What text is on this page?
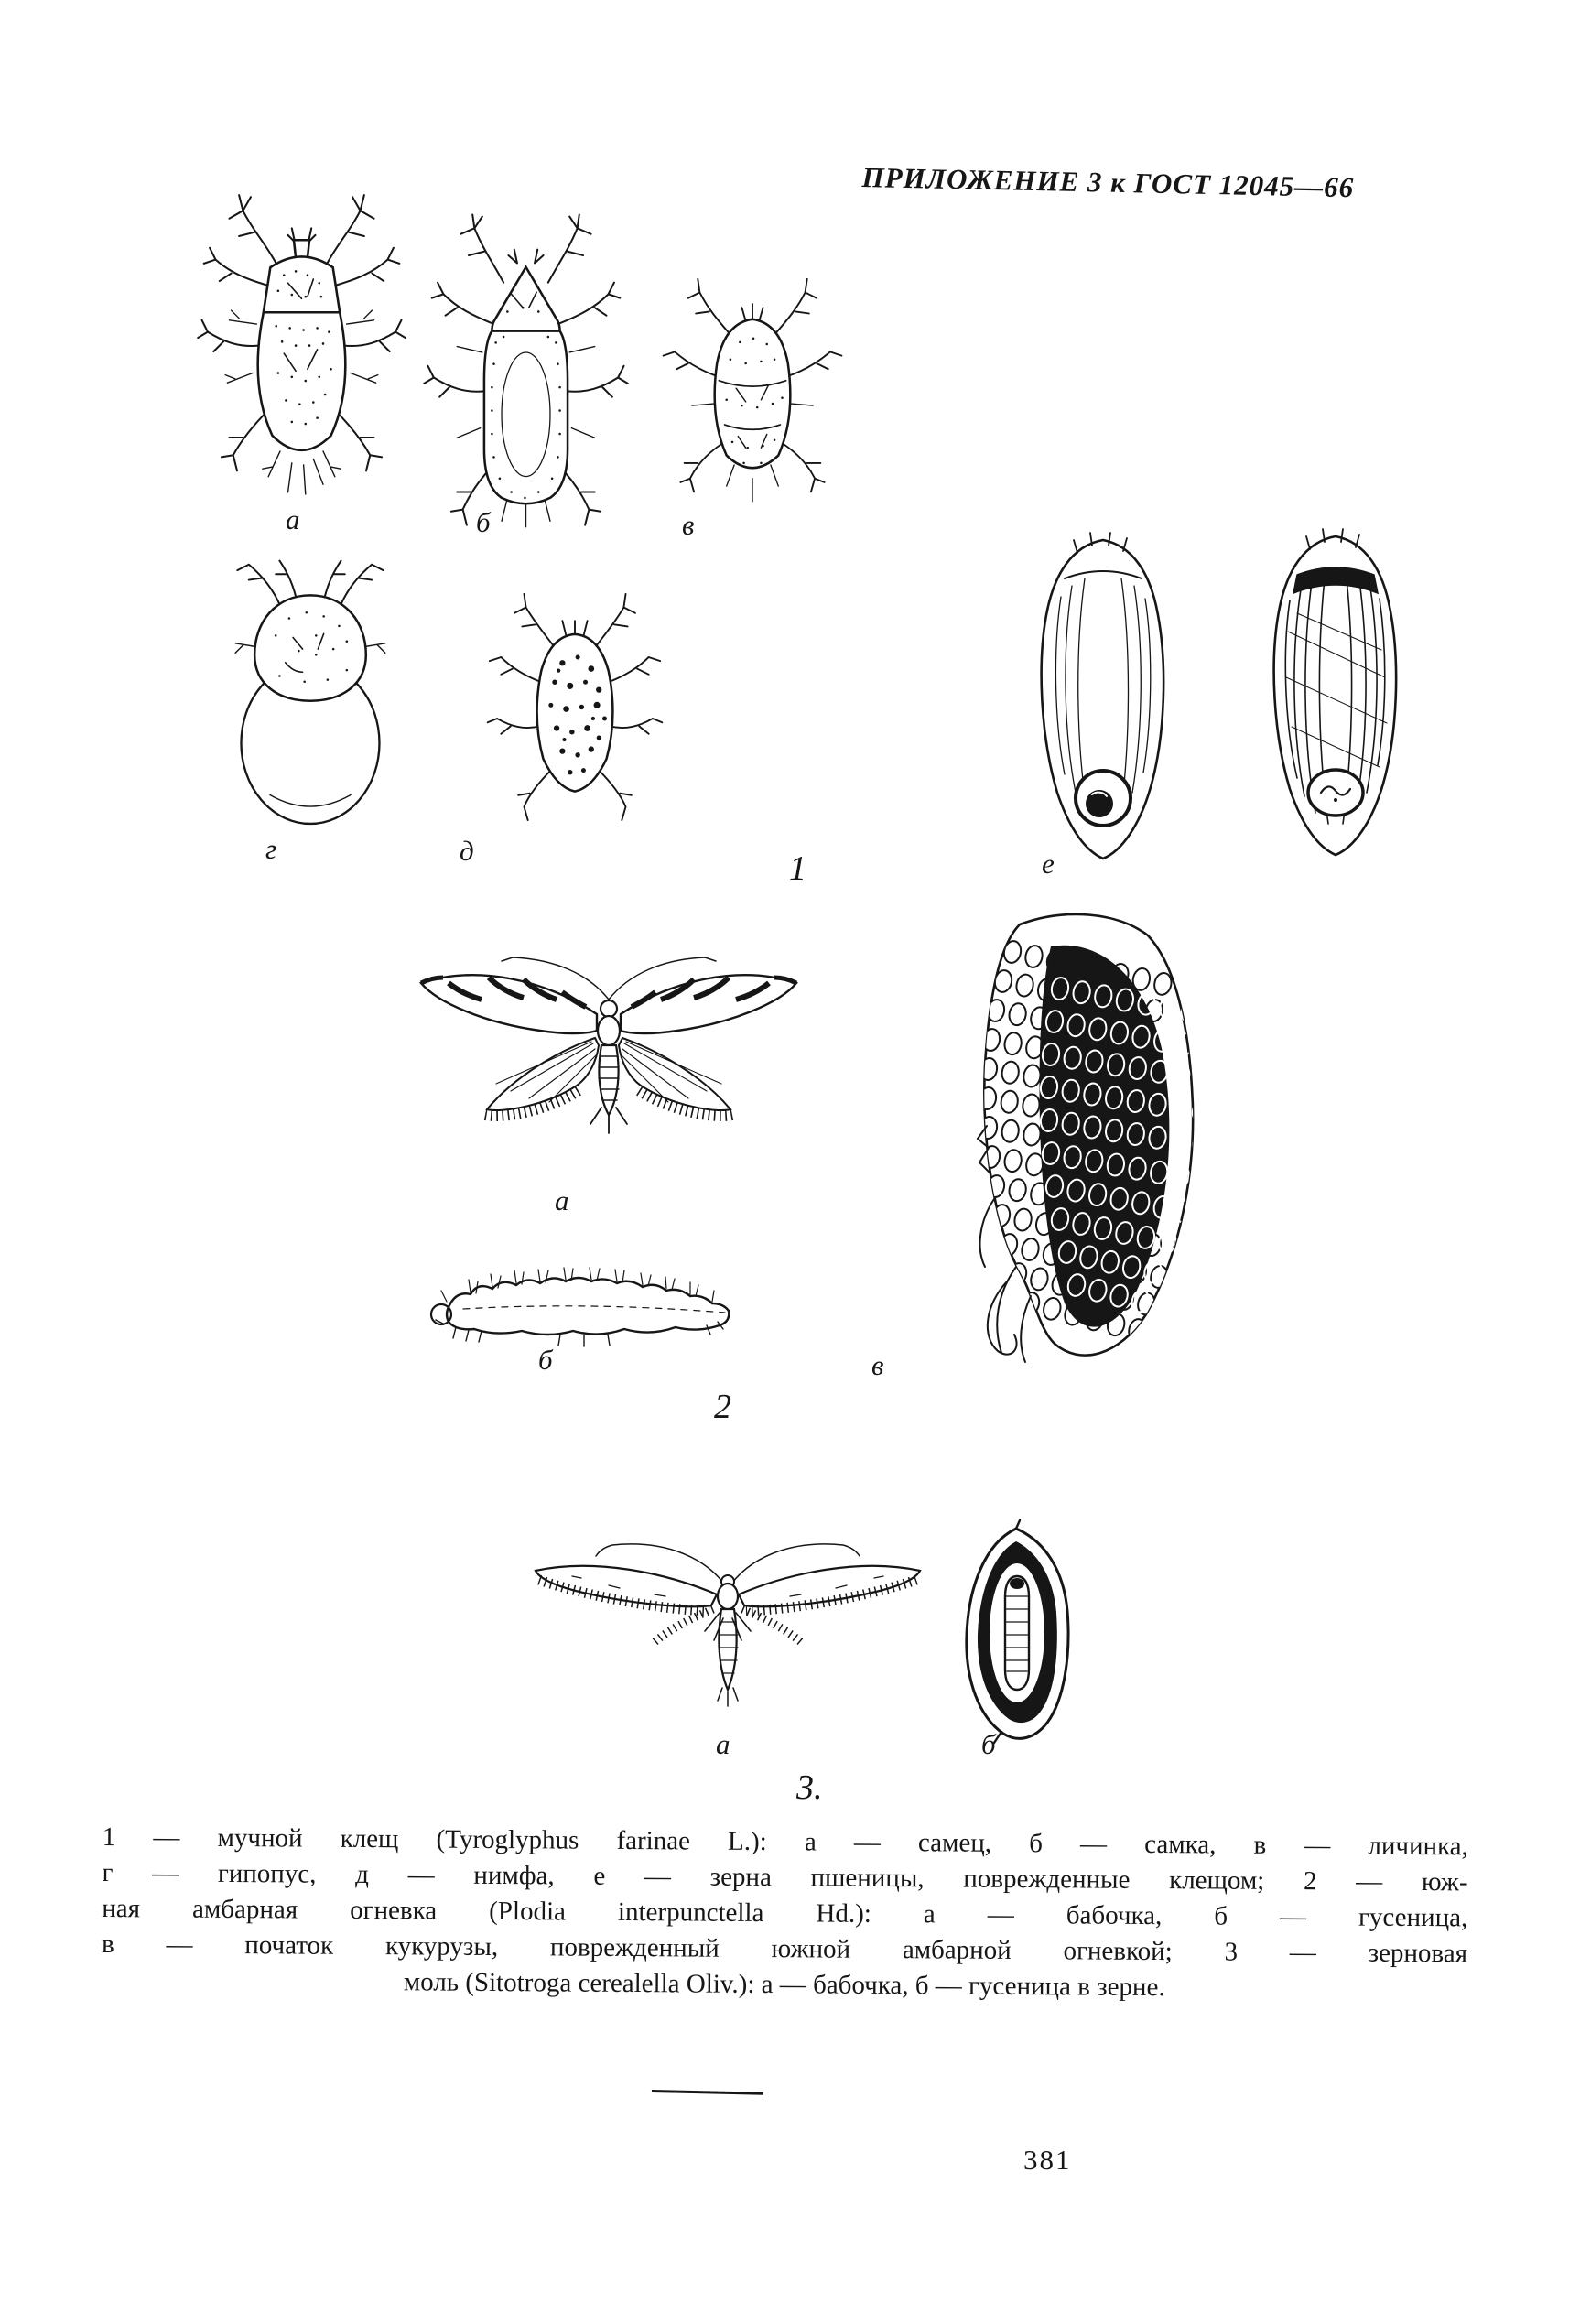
ПРИЛОЖЕНИЕ 3 к ГОСТ 12045—66
а	б	в
г	д	1	е
а
б
2
в
а	б
3.
1 — мучной клещ (Tyroglyphus farinae L.): а — самец, б — самка, в — личинка,
г — гипопус, д — нимфа, е — зерна пшеницы, поврежденные клещом; 2 — юж-
ная амбарная огневка (Plodia interpunctella Hd.): а — бабочка, б — гусеница,
в — початок кукурузы, поврежденный южной амбарной огневкой; 3 — зерновая
моль (Sitotroga cerealella Oliv.): а — бабочка, б — гусеница в зерне.
381
